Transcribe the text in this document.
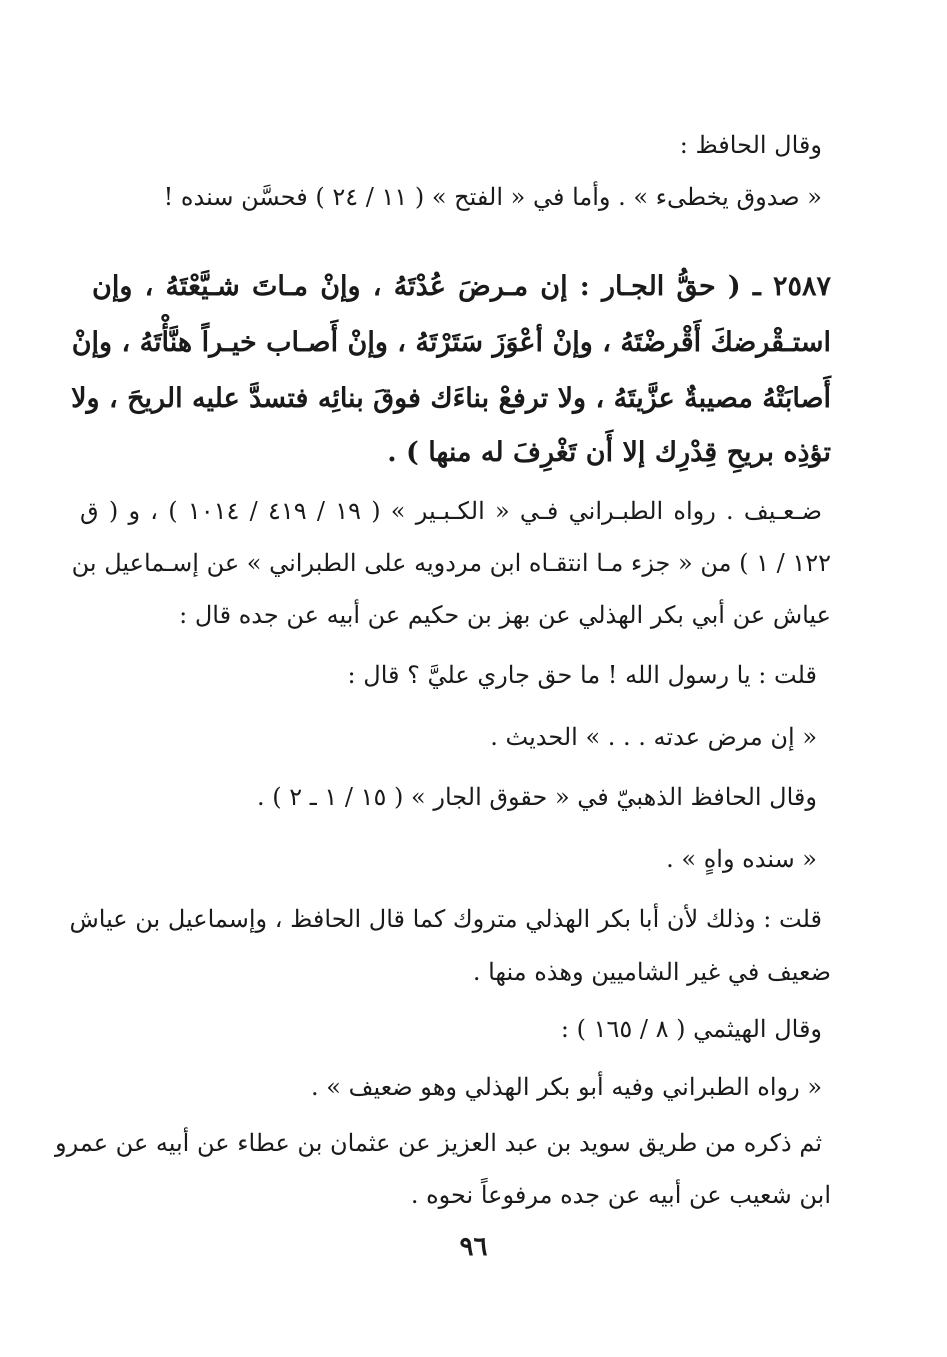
وقال الحافظ :
« صدوق يخطىء » . وأما في « الفتح » ( ١١ / ٢٤ ) فحسَّن سنده !
٢٥٨٧ ـ ( حقُّ الجـار : إن مـرضَ عُدْتَهُ ، وإنْ مـاتَ شـيَّعْتَهُ ، وإن
استـقْرضكَ أَقْرضْتَهُ ، وإنْ أعْوَزَ سَتَرْتَهُ ، وإنْ أَصـاب خيـراً هنَّأْتَهُ ، وإنْ
أَصابَتْهُ مصيبةٌ عزَّيتَهُ ، ولا ترفعْ بناءَك فوقَ بنائِه فتسدَّ عليه الريحَ ، ولا
تؤذِه بريحِ قِدْرِك إلا أَن تَغْرِفَ له منها ) .
ضـعـيف . رواه الطبـراني فـي « الكـبـير » ( ١٩ / ٤١٩ / ١٠١٤ ) ، و ( ق
١٢٢ / ١ ) من « جزء مـا انتقـاه ابن مردويه على الطبراني » عن إسـماعيل بن
عياش عن أبي بكر الهذلي عن بهز بن حكيم عن أبيه عن جده قال :
قلت : يا رسول الله ! ما حق جاري عليَّ ؟ قال :
« إن مرض عدته . . . » الحديث .
وقال الحافظ الذهبيّ في « حقوق الجار » ( ١٥ / ١ ـ ٢ ) .
« سنده واهٍ » .
قلت : وذلك لأن أبا بكر الهذلي متروك كما قال الحافظ ، وإسماعيل بن عياش
ضعيف في غير الشاميين وهذه منها .
وقال الهيثمي ( ٨ / ١٦٥ ) :
« رواه الطبراني وفيه أبو بكر الهذلي وهو ضعيف » .
ثم ذكره من طريق سويد بن عبد العزيز عن عثمان بن عطاء عن أبيه عن عمرو
ابن شعيب عن أبيه عن جده مرفوعاً نحوه .
٩٦
